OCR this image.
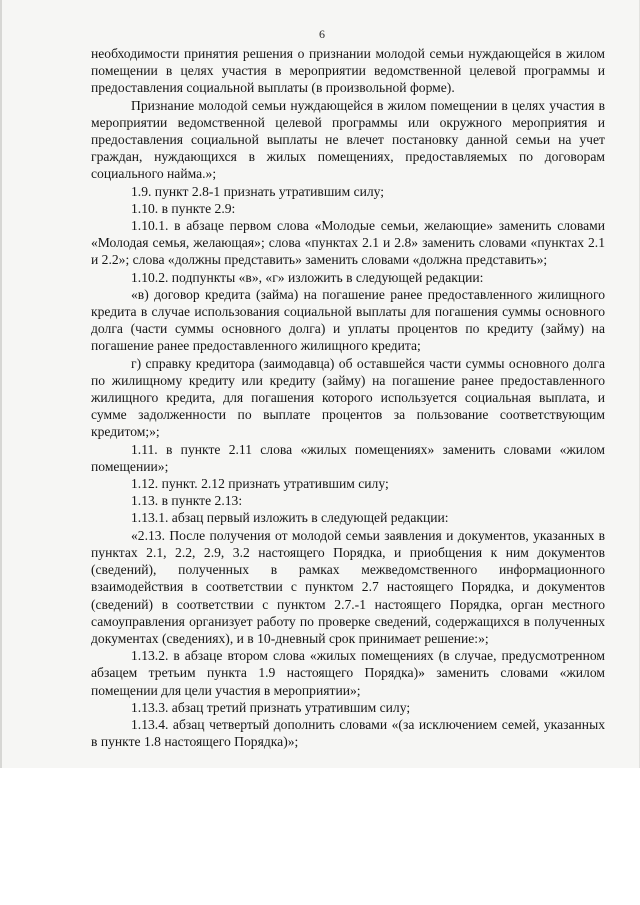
6

необходимости принятия решения о признании молодой семьи нуждающейся в жилом помещении в целях участия в мероприятии ведомственной целевой программы и предоставления социальной выплаты (в произвольной форме).

Признание молодой семьи нуждающейся в жилом помещении в целях участия в мероприятии ведомственной целевой программы или окружного мероприятия и предоставления социальной выплаты не влечет постановку данной семьи на учет граждан, нуждающихся в жилых помещениях, предоставляемых по договорам социального найма.»;

1.9. пункт 2.8-1 признать утратившим силу;

1.10. в пункте 2.9:

1.10.1. в абзаце первом слова «Молодые семьи, желающие» заменить словами «Молодая семья, желающая»; слова «пунктах 2.1 и 2.8» заменить словами «пунктах 2.1 и 2.2»; слова «должны представить» заменить словами «должна представить»;

1.10.2. подпункты «в», «г» изложить в следующей редакции:

«в) договор кредита (займа) на погашение ранее предоставленного жилищного кредита в случае использования социальной выплаты для погашения суммы основного долга (части суммы основного долга) и уплаты процентов по кредиту (займу) на погашение ранее предоставленного жилищного кредита;

г) справку кредитора (заимодавца) об оставшейся части суммы основного долга по жилищному кредиту или кредиту (займу) на погашение ранее предоставленного жилищного кредита, для погашения которого используется социальная выплата, и сумме задолженности по выплате процентов за пользование соответствующим кредитом;»;

1.11. в пункте 2.11 слова «жилых помещениях» заменить словами «жилом помещении»;

1.12. пункт. 2.12 признать утратившим силу;

1.13. в пункте 2.13:

1.13.1. абзац первый изложить в следующей редакции:

«2.13. После получения от молодой семьи заявления и документов, указанных в пунктах 2.1, 2.2, 2.9, 3.2 настоящего Порядка, и приобщения к ним документов (сведений), полученных в рамках межведомственного информационного взаимодействия в соответствии с пунктом 2.7 настоящего Порядка, и документов (сведений) в соответствии с пунктом 2.7.-1 настоящего Порядка, орган местного самоуправления организует работу по проверке сведений, содержащихся в полученных документах (сведениях), и в 10-дневный срок принимает решение:»;

1.13.2. в абзаце втором слова «жилых помещениях (в случае, предусмотренном абзацем третьим пункта 1.9 настоящего Порядка)» заменить словами «жилом помещении для цели участия в мероприятии»;

1.13.3. абзац третий признать утратившим силу;

1.13.4. абзац четвертый дополнить словами «(за исключением семей, указанных в пункте 1.8 настоящего Порядка)»;
